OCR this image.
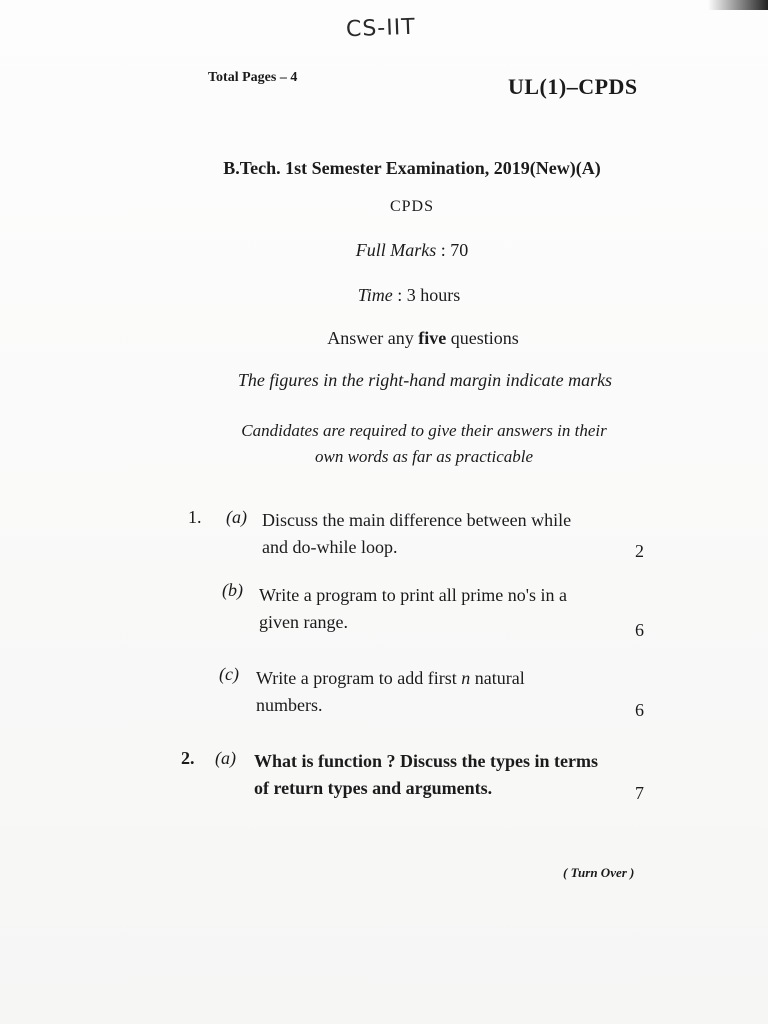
CS-IIT
Total Pages – 4	UL(1)–CPDS
B.Tech. 1st Semester Examination, 2019(New)(A)
CPDS
Full Marks : 70
Time : 3 hours
Answer any five questions
The figures in the right-hand margin indicate marks
Candidates are required to give their answers in their
own words as far as practicable
1. (a) Discuss the main difference between while
and do-while loop.	2
(b) Write a program to print all prime no's in a
given range.	6
(c) Write a program to add first n natural
numbers.	6
2. (a) What is function ? Discuss the types in terms
of return types and arguments.	7
( Turn Over )
